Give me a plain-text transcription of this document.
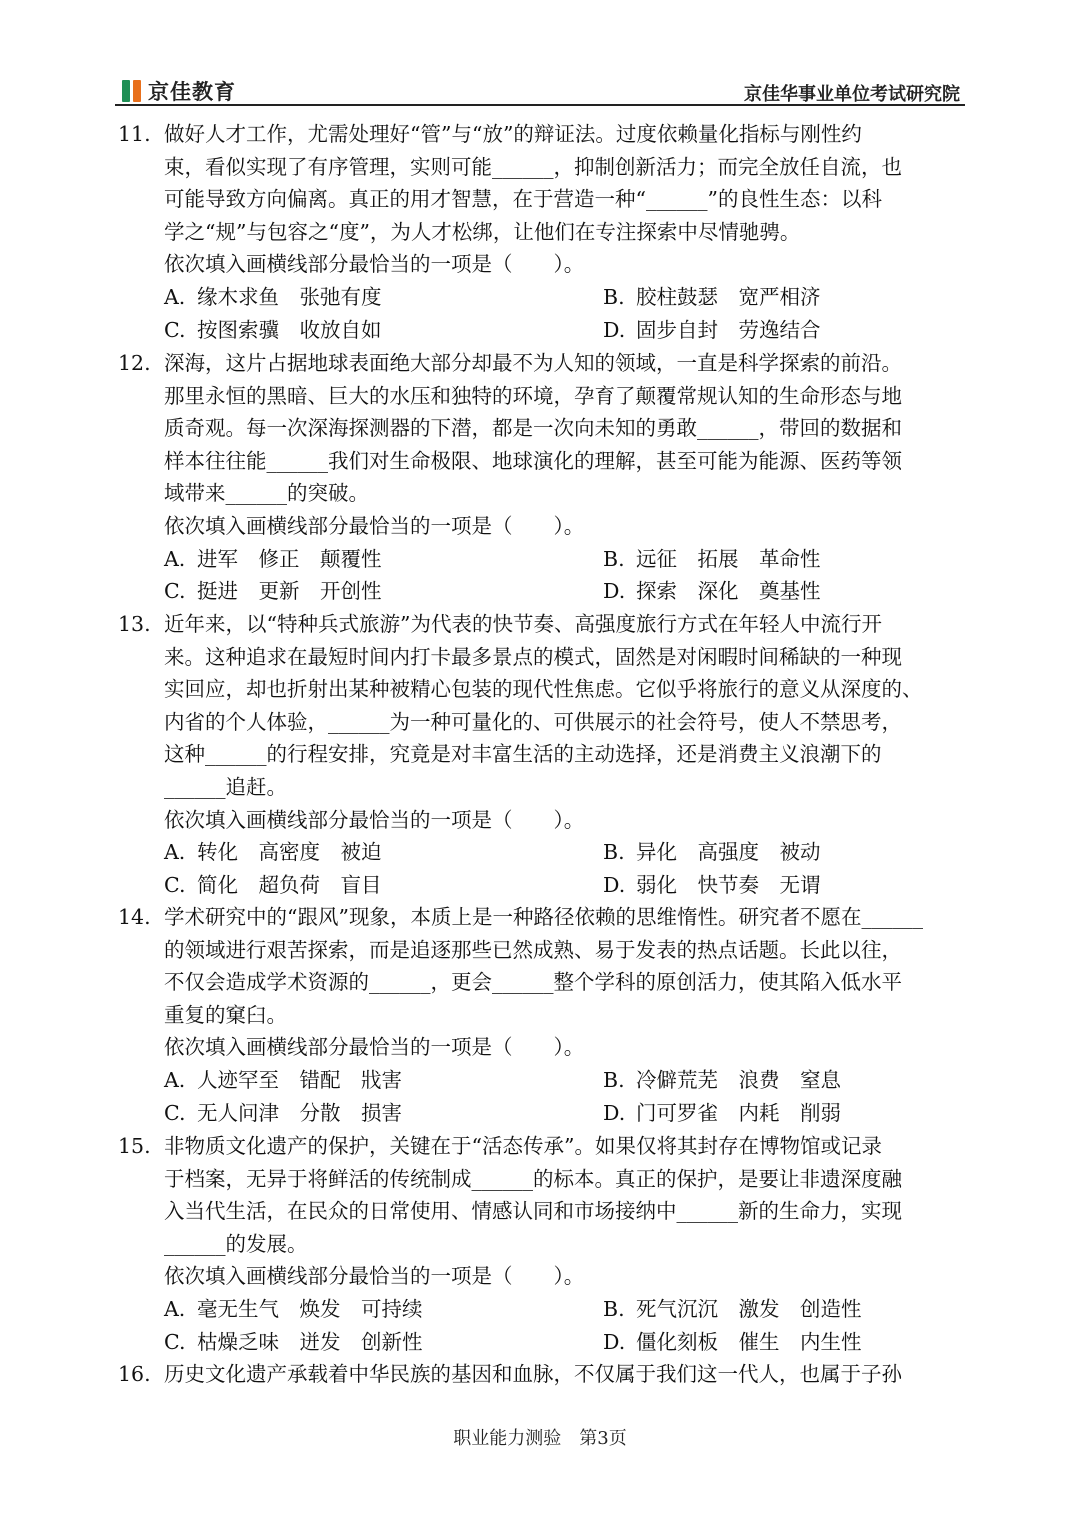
京佳教育	京佳华事业单位考试研究院
11. 做好人才工作，尤需处理好“管”与“放”的辩证法。过度依赖量化指标与刚性约
束，看似实现了有序管理，实则可能______，抑制创新活力；而完全放任自流，也
可能导致方向偏离。真正的用才智慧，在于营造一种“______”的良性生态：以科
学之“规”与包容之“度”，为人才松绑，让他们在专注探索中尽情驰骋。
依次填入画横线部分最恰当的一项是（　　）。
A. 缘木求鱼　张弛有度	B. 胶柱鼓瑟　宽严相济
C. 按图索骥　收放自如	D. 固步自封　劳逸结合
12. 深海，这片占据地球表面绝大部分却最不为人知的领域，一直是科学探索的前沿。
那里永恒的黑暗、巨大的水压和独特的环境，孕育了颠覆常规认知的生命形态与地
质奇观。每一次深海探测器的下潜，都是一次向未知的勇敢______，带回的数据和
样本往往能______我们对生命极限、地球演化的理解，甚至可能为能源、医药等领
域带来______的突破。
依次填入画横线部分最恰当的一项是（　　）。
A. 进军　修正　颠覆性	B. 远征　拓展　革命性
C. 挺进　更新　开创性	D. 探索　深化　奠基性
13. 近年来，以“特种兵式旅游”为代表的快节奏、高强度旅行方式在年轻人中流行开
来。这种追求在最短时间内打卡最多景点的模式，固然是对闲暇时间稀缺的一种现
实回应，却也折射出某种被精心包装的现代性焦虑。它似乎将旅行的意义从深度的、
内省的个人体验，______为一种可量化的、可供展示的社会符号，使人不禁思考，
这种______的行程安排，究竟是对丰富生活的主动选择，还是消费主义浪潮下的
______追赶。
依次填入画横线部分最恰当的一项是（　　）。
A. 转化　高密度　被迫	B. 异化　高强度　被动
C. 简化　超负荷　盲目	D. 弱化　快节奏　无谓
14. 学术研究中的“跟风”现象，本质上是一种路径依赖的思维惰性。研究者不愿在______
的领域进行艰苦探索，而是追逐那些已然成熟、易于发表的热点话题。长此以往，
不仅会造成学术资源的______，更会______整个学科的原创活力，使其陷入低水平
重复的窠臼。
依次填入画横线部分最恰当的一项是（　　）。
A. 人迹罕至　错配　戕害	B. 冷僻荒芜　浪费　窒息
C. 无人问津　分散　损害	D. 门可罗雀　内耗　削弱
15. 非物质文化遗产的保护，关键在于“活态传承”。如果仅将其封存在博物馆或记录
于档案，无异于将鲜活的传统制成______的标本。真正的保护，是要让非遗深度融
入当代生活，在民众的日常使用、情感认同和市场接纳中______新的生命力，实现
______的发展。
依次填入画横线部分最恰当的一项是（　　）。
A. 毫无生气　焕发　可持续	B. 死气沉沉　激发　创造性
C. 枯燥乏味　迸发　创新性	D. 僵化刻板　催生　内生性
16. 历史文化遗产承载着中华民族的基因和血脉，不仅属于我们这一代人，也属于子孙
职业能力测验　第3页
